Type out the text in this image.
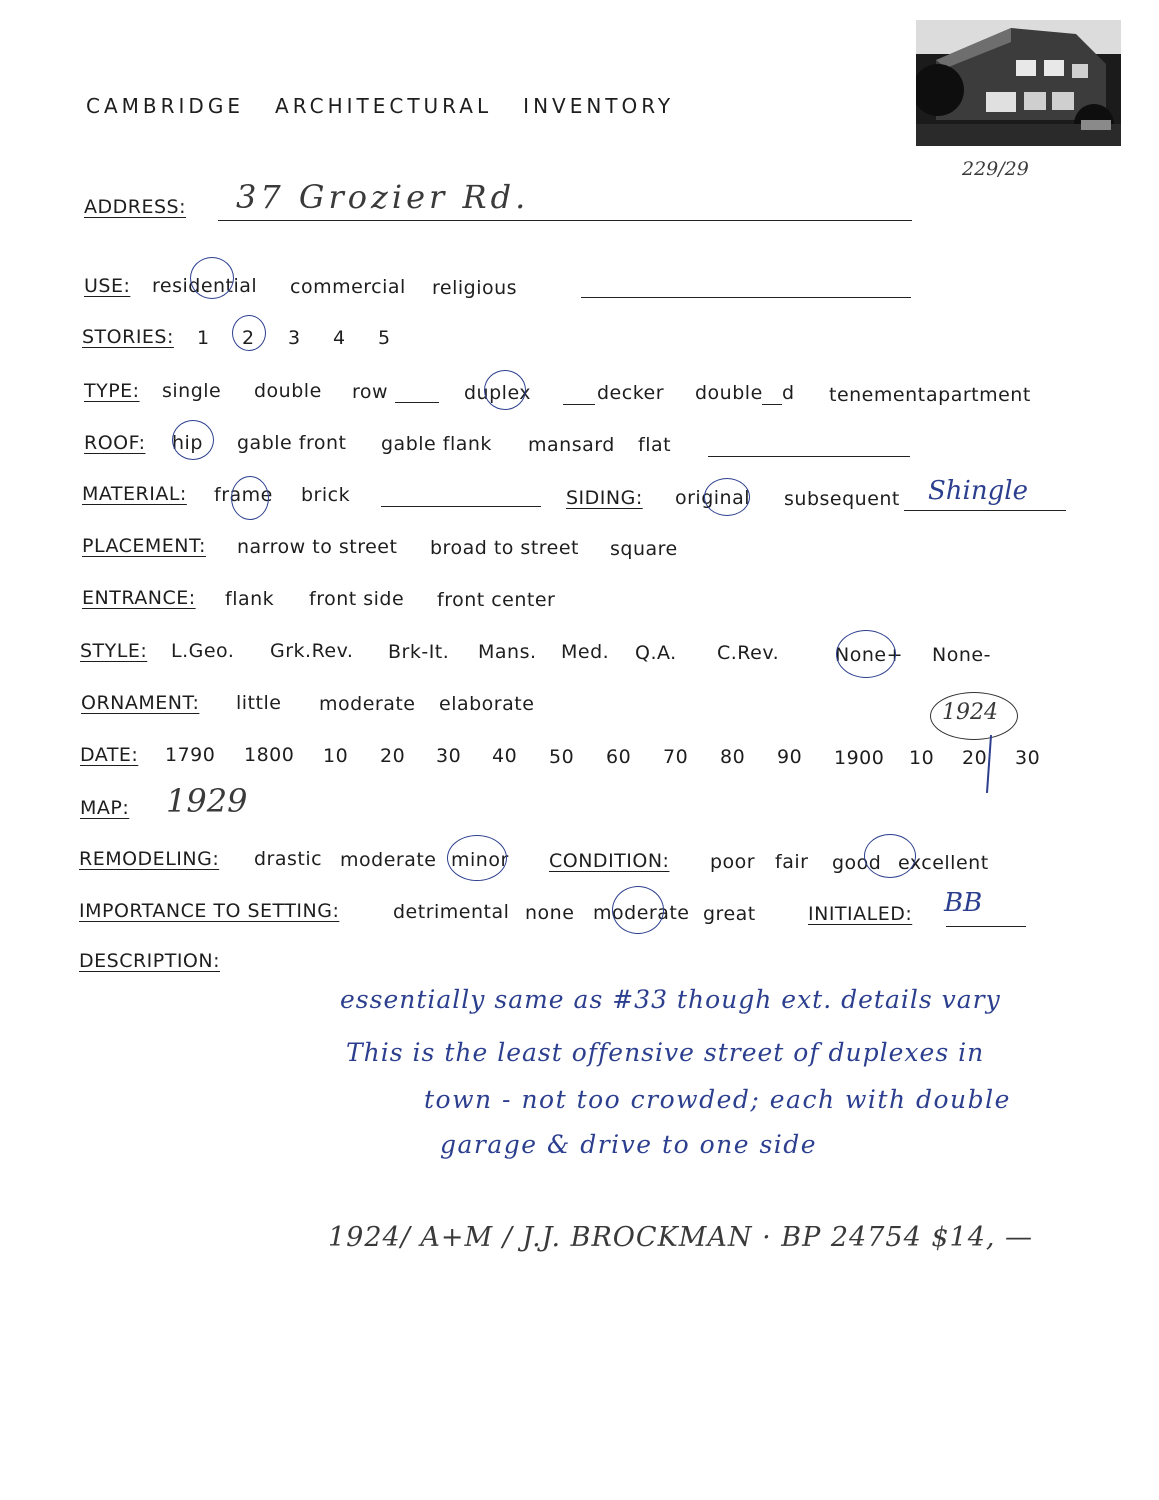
CAMBRIDGE   ARCHITECTURAL   INVENTORY
229/29
ADDRESS: 37 Grozier Rd.
USE: residential commercial religious
STORIES: 1 2 3 4 5
TYPE: single double row	duplex	decker double d tenement apartment
ROOF: hip gable front gable flank mansard flat
MATERIAL: frame brick	SIDING: original subsequent Shingle
PLACEMENT: narrow to street broad to street square
ENTRANCE: flank front side front center
STYLE: L.Geo. Grk.Rev. Brk-It. Mans. Med. Q.A. C.Rev.	None+ None-
ORNAMENT: little moderate elaborate
DATE: 1790 1800 10 20 30 40 50 60 70 80 90 1900 10 20 30
1924
MAP: 1929
REMODELING: drastic moderate minor CONDITION: poor fair good excellent
IMPORTANCE TO SETTING:	detrimental none moderate great	INITIALED: BB
DESCRIPTION:
essentially same as #33 though ext. details vary
This is the least offensive street of duplexes in
town - not too crowded; each with double
garage & drive to one side
1924/ A+M / J.J. BROCKMAN · BP 24754 $14, —
